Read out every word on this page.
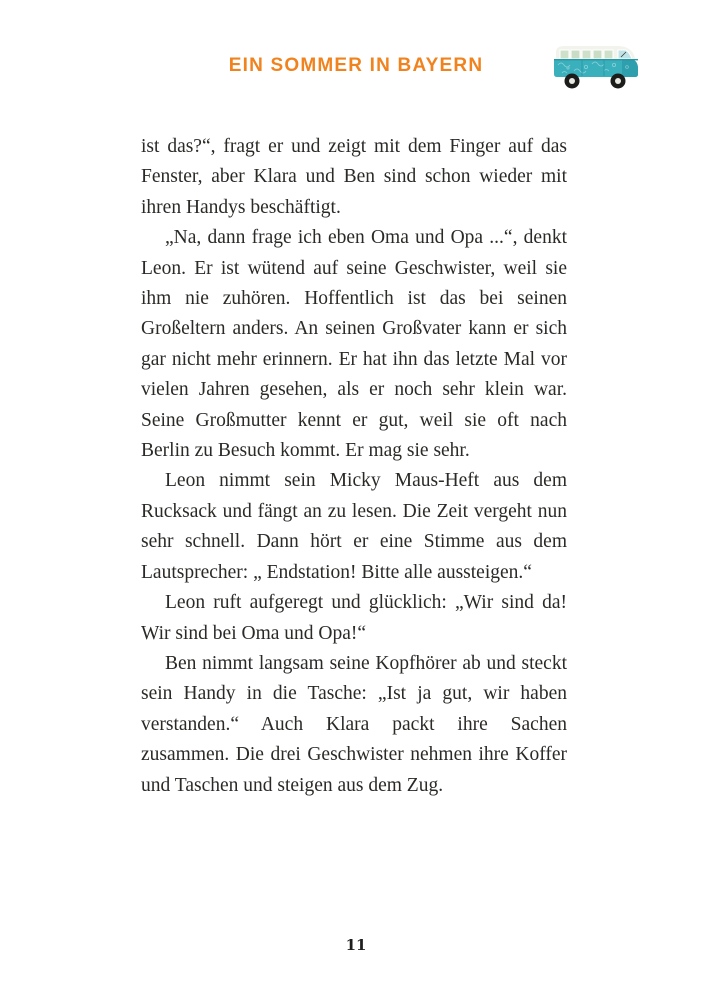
EIN SOMMER IN BAYERN

ist das?“, fragt er und zeigt mit dem Finger auf das Fenster, aber Klara und Ben sind schon wieder mit ihren Handys beschäftigt.

„Na, dann frage ich eben Oma und Opa ...“, denkt Leon. Er ist wütend auf seine Geschwister, weil sie ihm nie zuhören. Hoffentlich ist das bei seinen Großeltern anders. An seinen Großvater kann er sich gar nicht mehr erinnern. Er hat ihn das letzte Mal vor vielen Jahren gesehen, als er noch sehr klein war. Seine Großmutter kennt er gut, weil sie oft nach Berlin zu Besuch kommt. Er mag sie sehr.

Leon nimmt sein Micky Maus-Heft aus dem Rucksack und fängt an zu lesen. Die Zeit vergeht nun sehr schnell. Dann hört er eine Stimme aus dem Lautsprecher: „ Endstation! Bitte alle aussteigen.“

Leon ruft aufgeregt und glücklich: „Wir sind da! Wir sind bei Oma und Opa!“

Ben nimmt langsam seine Kopfhörer ab und steckt sein Handy in die Tasche: „Ist ja gut, wir haben verstanden.“ Auch Klara packt ihre Sachen zusammen. Die drei Geschwister nehmen ihre Koffer und Taschen und steigen aus dem Zug.

11
